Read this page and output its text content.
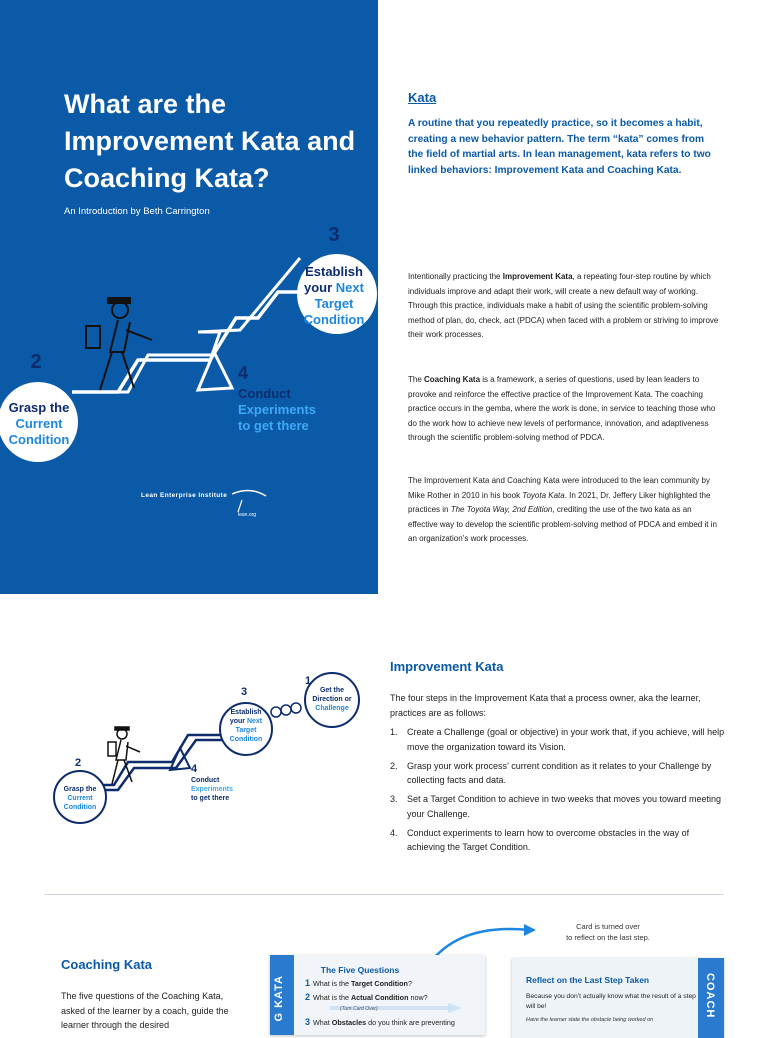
What are the Improvement Kata and Coaching Kata?
An Introduction by Beth Carrington
3
Establish
your Next
Target
Condition
2
Grasp the
Current
Condition
4
Conduct
Experiments
to get there
Lean Enterprise Institute
lean.org
Kata
A routine that you repeatedly practice, so it becomes a habit, creating a new behavior pattern. The term “kata” comes from the field of martial arts. In lean management, kata refers to two linked behaviors: Improvement Kata and Coaching Kata.
Intentionally practicing the Improvement Kata, a repeating four-step routine by which individuals improve and adapt their work, will create a new default way of working. Through this practice, individuals make a habit of using the scientific problem-solving method of plan, do, check, act (PDCA) when faced with a problem or striving to improve their work processes.
The Coaching Kata is a framework, a series of questions, used by lean leaders to provoke and reinforce the effective practice of the Improvement Kata. The coaching practice occurs in the gemba, where the work is done, in service to teaching those who do the work how to achieve new levels of performance, innovation, and adaptiveness through the scientific problem-solving method of PDCA.
The Improvement Kata and Coaching Kata were introduced to the lean community by Mike Rother in 2010 in his book Toyota Kata. In 2021, Dr. Jeffery Liker highlighted the practices in The Toyota Way, 2nd Edition, crediting the use of the two kata as an effective way to develop the scientific problem-solving method of PDCA and embed it in an organization’s work processes.
1
Get the
Direction or
Challenge
3
Establish
your Next
Target
Condition
2
Grasp the
Current
Condition
4
Conduct
Experiments
to get there
Improvement Kata
The four steps in the Improvement Kata that a process owner, aka the learner, practices are as follows:
1. Create a Challenge (goal or objective) in your work that, if you achieve, will help move the organization toward its Vision.
2. Grasp your work process’ current condition as it relates to your Challenge by collecting facts and data.
3. Set a Target Condition to achieve in two weeks that moves you toward meeting your Challenge.
4. Conduct experiments to learn how to overcome obstacles in the way of achieving the Target Condition.
Coaching Kata
The five questions of the Coaching Kata, asked of the learner by a coach, guide the learner through the desired
Card is turned over
to reflect on the last step.
G KATA
The Five Questions
1 What is the Target Condition?
2 What is the Actual Condition now?
(Turn Card Over)
3 What Obstacles do you think are preventing
COACH
Reflect on the Last Step Taken
Because you don’t actually know what the result of a step will be!
Have the learner state the obstacle being worked on
